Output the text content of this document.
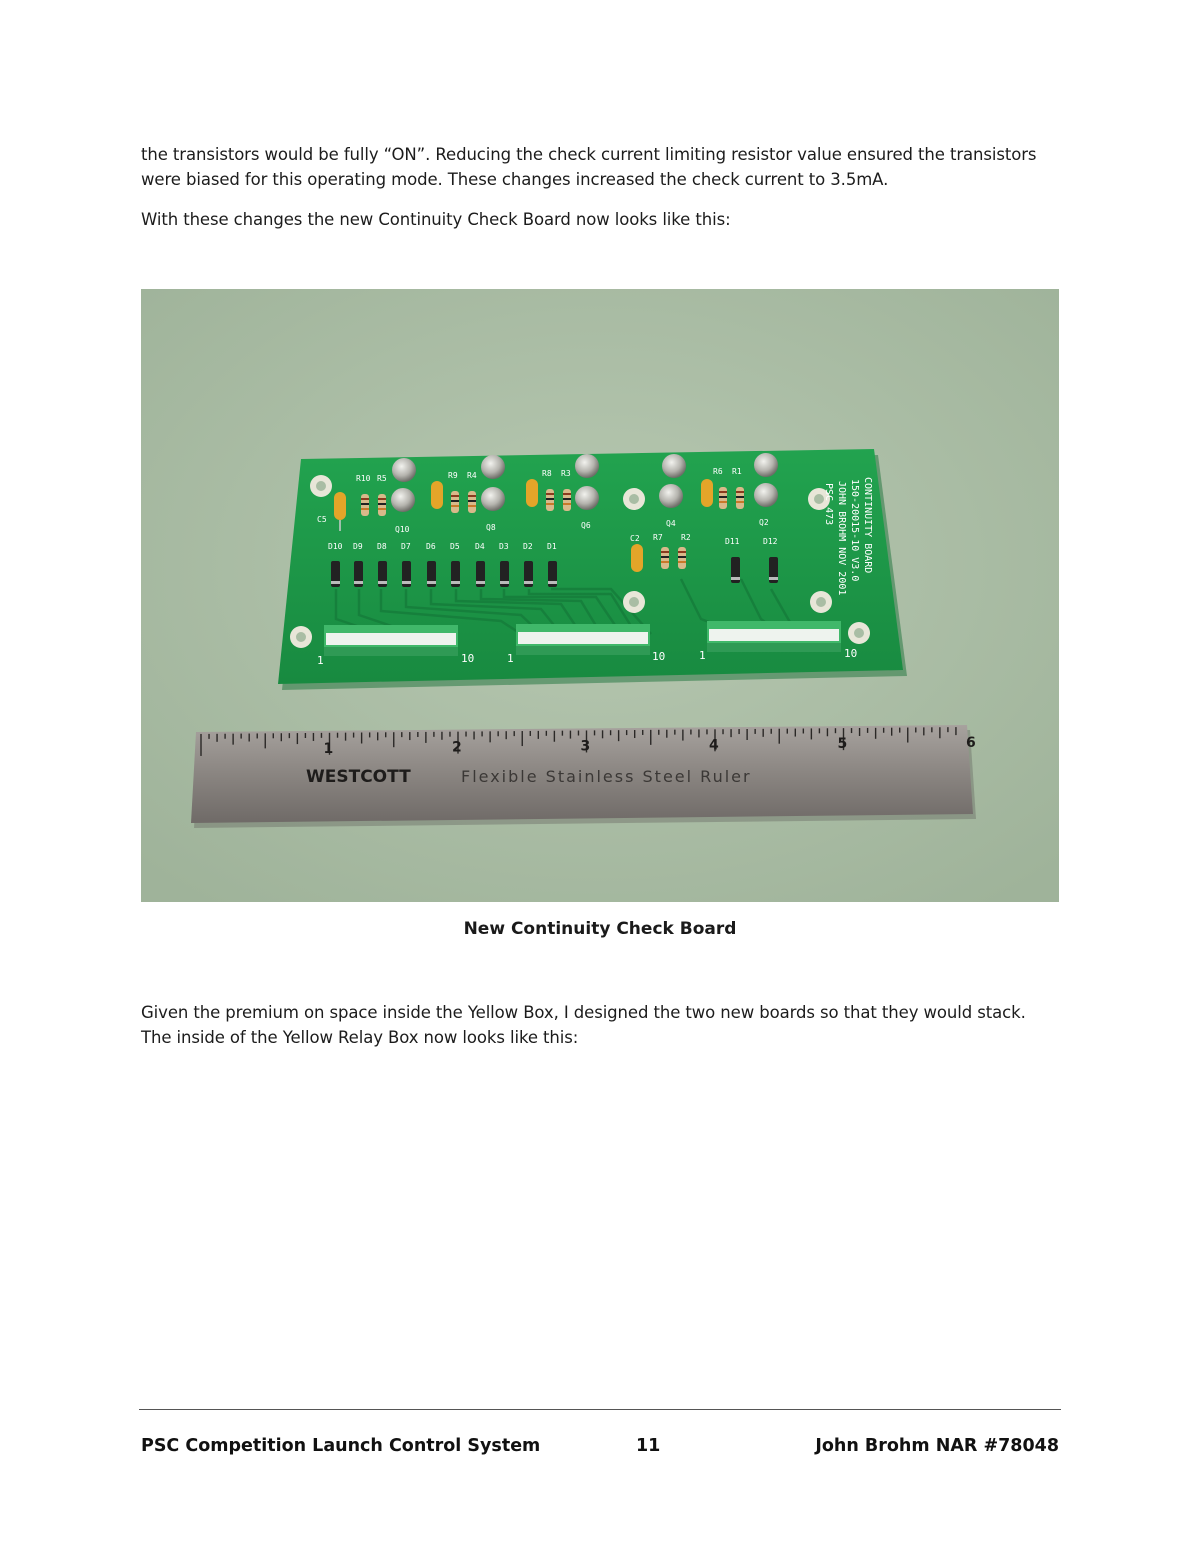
the transistors would be fully “ON”. Reducing the check current limiting resistor value ensured the transistors
were biased for this operating mode. These changes increased the check current to 3.5mA.
With these changes the new Continuity Check Board now looks like this:
R10 R5	R9 R4	R8 R3	R6 R1
R7 R2
Q10	Q8	Q6	Q4	Q2
D10 D9 D8 D7 D6 D5 D4 D3 D2 D1
D11	D12
C5
C2
1	10	1	10	1	10
CONTINUITY BOARD
150-20015-10 V3.0
JOHN BROHM NOV 2001
PSC 473
1	2	3	4	5	6
WESTCOTT	Flexible Stainless Steel Ruler
New Continuity Check Board
Given the premium on space inside the Yellow Box, I designed the two new boards so that they would stack.
The inside of the Yellow Relay Box now looks like this:
PSC Competition Launch Control System	11	John Brohm NAR #78048
